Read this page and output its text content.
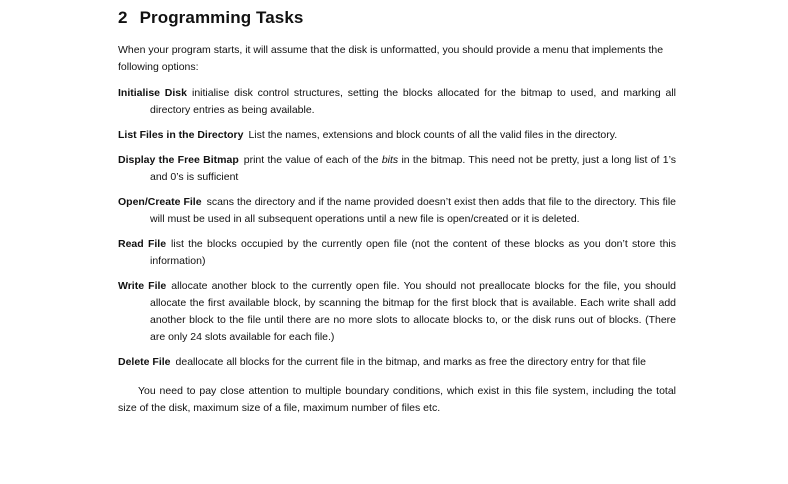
2 Programming Tasks

When your program starts, it will assume that the disk is unformatted, you should provide a menu that implements the following options:

Initialise Disk initialise disk control structures, setting the blocks allocated for the bitmap to used, and marking all directory entries as being available.

List Files in the Directory List the names, extensions and block counts of all the valid files in the directory.

Display the Free Bitmap print the value of each of the bits in the bitmap. This need not be pretty, just a long list of 1’s and 0’s is sufficient

Open/Create File scans the directory and if the name provided doesn’t exist then adds that file to the directory. This file will must be used in all subsequent operations until a new file is open/created or it is deleted.

Read File list the blocks occupied by the currently open file (not the content of these blocks as you don’t store this information)

Write File allocate another block to the currently open file. You should not preallocate blocks for the file, you should allocate the first available block, by scanning the bitmap for the first block that is available. Each write shall add another block to the file until there are no more slots to allocate blocks to, or the disk runs out of blocks. (There are only 24 slots available for each file.)

Delete File deallocate all blocks for the current file in the bitmap, and marks as free the directory entry for that file

You need to pay close attention to multiple boundary conditions, which exist in this file system, including the total size of the disk, maximum size of a file, maximum number of files etc.
